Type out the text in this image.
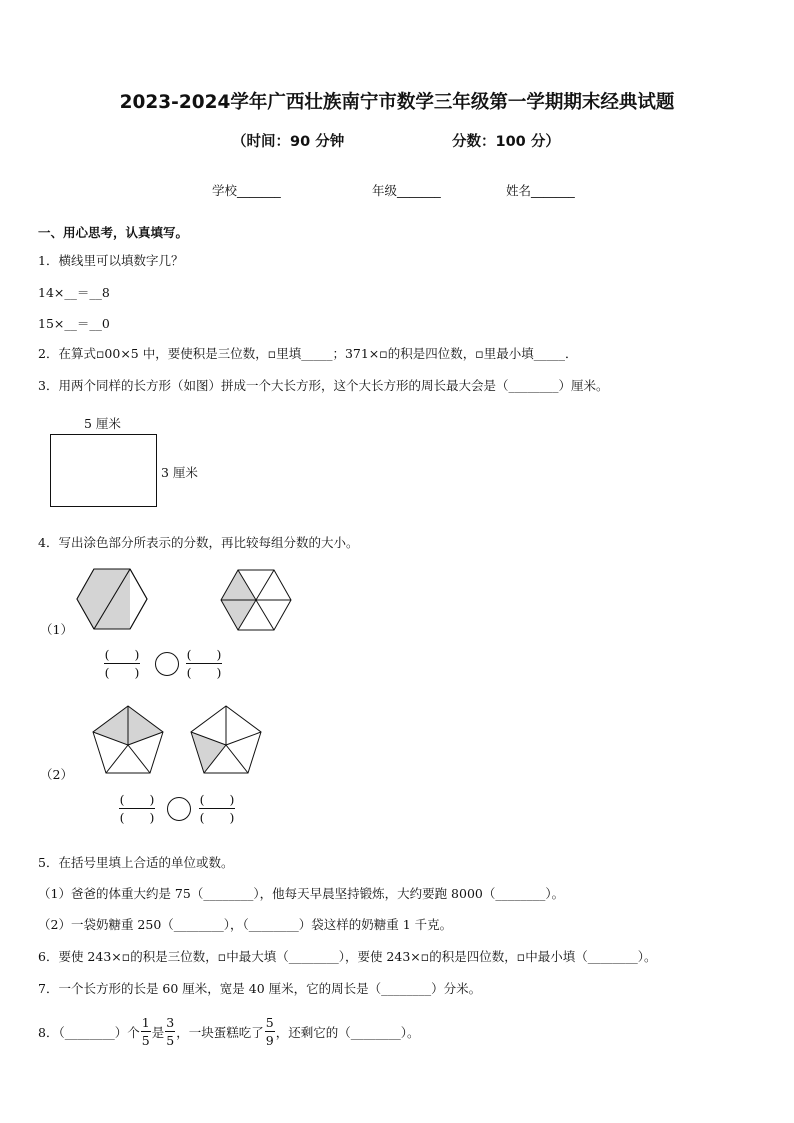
2023-2024学年广西壮族南宁市数学三年级第一学期期末经典试题
（时间：90 分钟	分数：100 分）
学校_______	年级_______	姓名_______
一、用心思考，认真填写。
1．横线里可以填数字几？
14×__＝__8
15×__＝__0
2．在算式▫00×5 中，要使积是三位数，▫里填_____；371×▫的积是四位数，▫里最小填_____．
3．用两个同样的长方形（如图）拼成一个大长方形，这个大长方形的周长最大会是（________）厘米。
5 厘米
3 厘米
4．写出涂色部分所表示的分数，再比较每组分数的大小。
（1）
(　　)
(　　)
(　　)
(　　)
（2）
(　　)
(　　)
(　　)
(　　)
5．在括号里填上合适的单位或数。
（1）爸爸的体重大约是 75（________），他每天早晨坚持锻炼，大约要跑 8000（________）。
（2）一袋奶糖重 250（________），（________）袋这样的奶糖重 1 千克。
6．要使 243×▫的积是三位数，▫中最大填（________），要使 243×▫的积是四位数，▫中最小填（________）。
7．一个长方形的长是 60 厘米，宽是 40 厘米，它的周长是（________）分米。
8．（________）个 $\frac{1}{5}$ 是 $\frac{3}{5}$ ，一块蛋糕吃了 $\frac{5}{9}$ ，还剩它的（________）。
